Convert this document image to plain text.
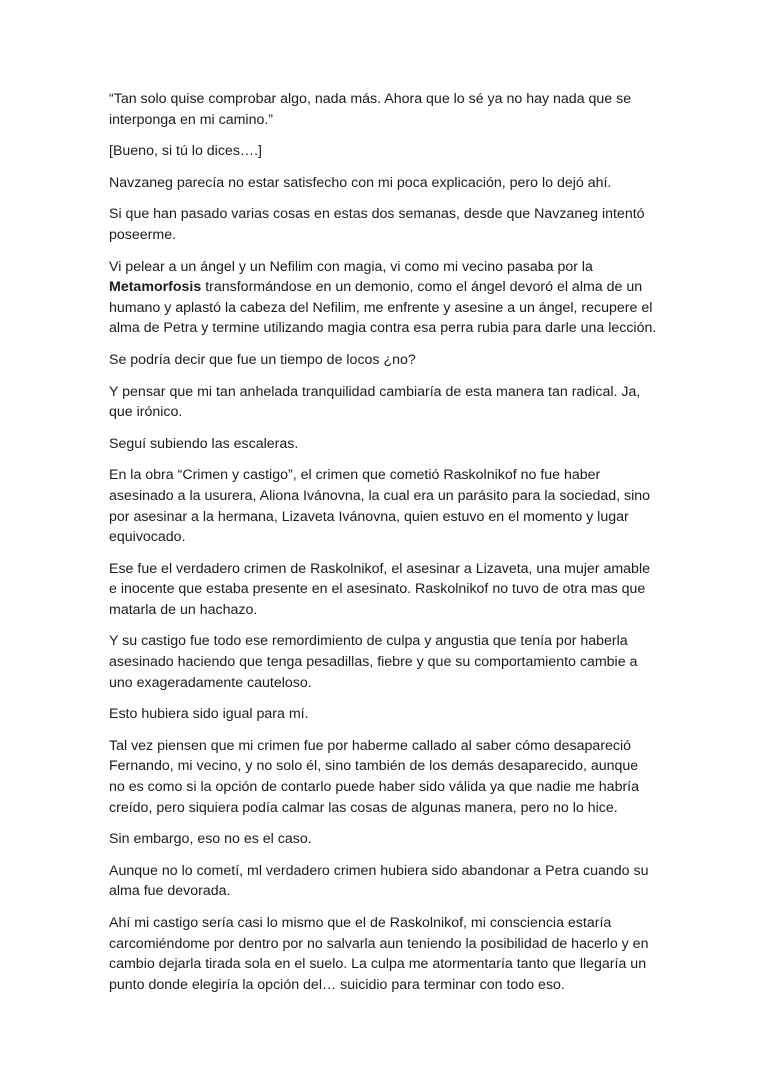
“Tan solo quise comprobar algo, nada más. Ahora que lo sé ya no hay nada que se interponga en mi camino.”

[Bueno, si tú lo dices….]

Navzaneg parecía no estar satisfecho con mi poca explicación, pero lo dejó ahí.

Si que han pasado varias cosas en estas dos semanas, desde que Navzaneg intentó poseerme.

Vi pelear a un ángel y un Nefilim con magia, vi como mi vecino pasaba por la Metamorfosis transformándose en un demonio, como el ángel devoró el alma de un humano y aplastó la cabeza del Nefilim, me enfrente y asesine a un ángel, recupere el alma de Petra y termine utilizando magia contra esa perra rubia para darle una lección.

Se podría decir que fue un tiempo de locos ¿no?

Y pensar que mi tan anhelada tranquilidad cambiaría de esta manera tan radical. Ja, que irónico.

Seguí subiendo las escaleras.

En la obra “Crimen y castigo”, el crimen que cometió Raskolnikof no fue haber asesinado a la usurera, Aliona Ivánovna, la cual era un parásito para la sociedad, sino por asesinar a la hermana, Lizaveta Ivánovna, quien estuvo en el momento y lugar equivocado.

Ese fue el verdadero crimen de Raskolnikof, el asesinar a Lizaveta, una mujer amable e inocente que estaba presente en el asesinato. Raskolnikof no tuvo de otra mas que matarla de un hachazo.

Y su castigo fue todo ese remordimiento de culpa y angustia que tenía por haberla asesinado haciendo que tenga pesadillas, fiebre y que su comportamiento cambie a uno exageradamente cauteloso.

Esto hubiera sido igual para mí.

Tal vez piensen que mi crimen fue por haberme callado al saber cómo desapareció Fernando, mi vecino, y no solo él, sino también de los demás desaparecido, aunque no es como si la opción de contarlo puede haber sido válida ya que nadie me habría creído, pero siquiera podía calmar las cosas de algunas manera, pero no lo hice.

Sin embargo, eso no es el caso.

Aunque no lo cometí, ml verdadero crimen hubiera sido abandonar a Petra cuando su alma fue devorada.

Ahí mi castigo sería casi lo mismo que el de Raskolnikof, mi consciencia estaría carcomiéndome por dentro por no salvarla aun teniendo la posibilidad de hacerlo y en cambio dejarla tirada sola en el suelo. La culpa me atormentaría tanto que llegaría un punto donde elegiría la opción del… suicidio para terminar con todo eso.
